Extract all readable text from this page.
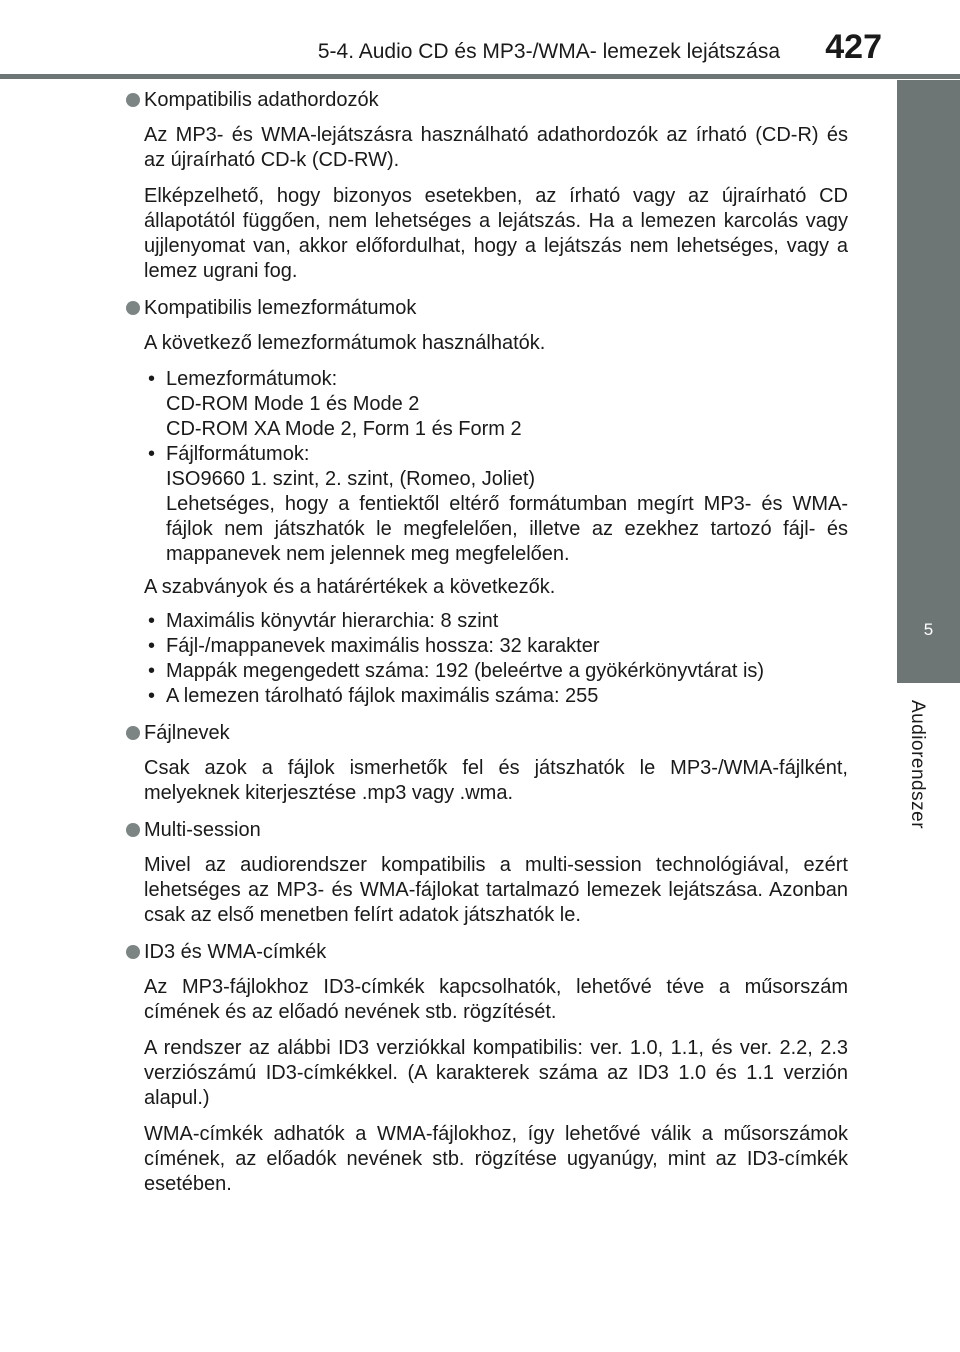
5-4. Audio CD és MP3-/WMA- lemezek lejátszása 427
5
Audiorendszer
Kompatibilis adathordozók

Az MP3- és WMA-lejátszásra használható adathordozók az írható (CD-R) és az újraírható CD-k (CD-RW).

Elképzelhető, hogy bizonyos esetekben, az írható vagy az újraírható CD állapotától függően, nem lehetséges a lejátszás. Ha a lemezen karcolás vagy ujjlenyomat van, akkor előfordulhat, hogy a lejátszás nem lehetséges, vagy a lemez ugrani fog.

Kompatibilis lemezformátumok

A következő lemezformátumok használhatók.

• Lemezformátumok:
CD-ROM Mode 1 és Mode 2
CD-ROM XA Mode 2, Form 1 és Form 2
• Fájlformátumok:
ISO9660 1. szint, 2. szint, (Romeo, Joliet)
Lehetséges, hogy a fentiektől eltérő formátumban megírt MP3- és WMA-fájlok nem játszhatók le megfelelően, illetve az ezekhez tartozó fájl- és mappanevek nem jelennek meg megfelelően.

A szabványok és a határértékek a következők.

• Maximális könyvtár hierarchia: 8 szint
• Fájl-/mappanevek maximális hossza: 32 karakter
• Mappák megengedett száma: 192 (beleértve a gyökérkönyvtárat is)
• A lemezen tárolható fájlok maximális száma: 255
Fájlnevek

Csak azok a fájlok ismerhetők fel és játszhatók le MP3-/WMA-fájlként, melyeknek kiterjesztése .mp3 vagy .wma.

Multi-session

Mivel az audiorendszer kompatibilis a multi-session technológiával, ezért lehetséges az MP3- és WMA-fájlokat tartalmazó lemezek lejátszása. Azonban csak az első menetben felírt adatok játszhatók le.

ID3 és WMA-címkék

Az MP3-fájlokhoz ID3-címkék kapcsolhatók, lehetővé téve a műsorszám címének és az előadó nevének stb. rögzítését.

A rendszer az alábbi ID3 verziókkal kompatibilis: ver. 1.0, 1.1, és ver. 2.2, 2.3 verziószámú ID3-címkékkel. (A karakterek száma az ID3 1.0 és 1.1 verzión alapul.)

WMA-címkék adhatók a WMA-fájlokhoz, így lehetővé válik a műsorszámok címének, az előadók nevének stb. rögzítése ugyanúgy, mint az ID3-címkék esetében.
